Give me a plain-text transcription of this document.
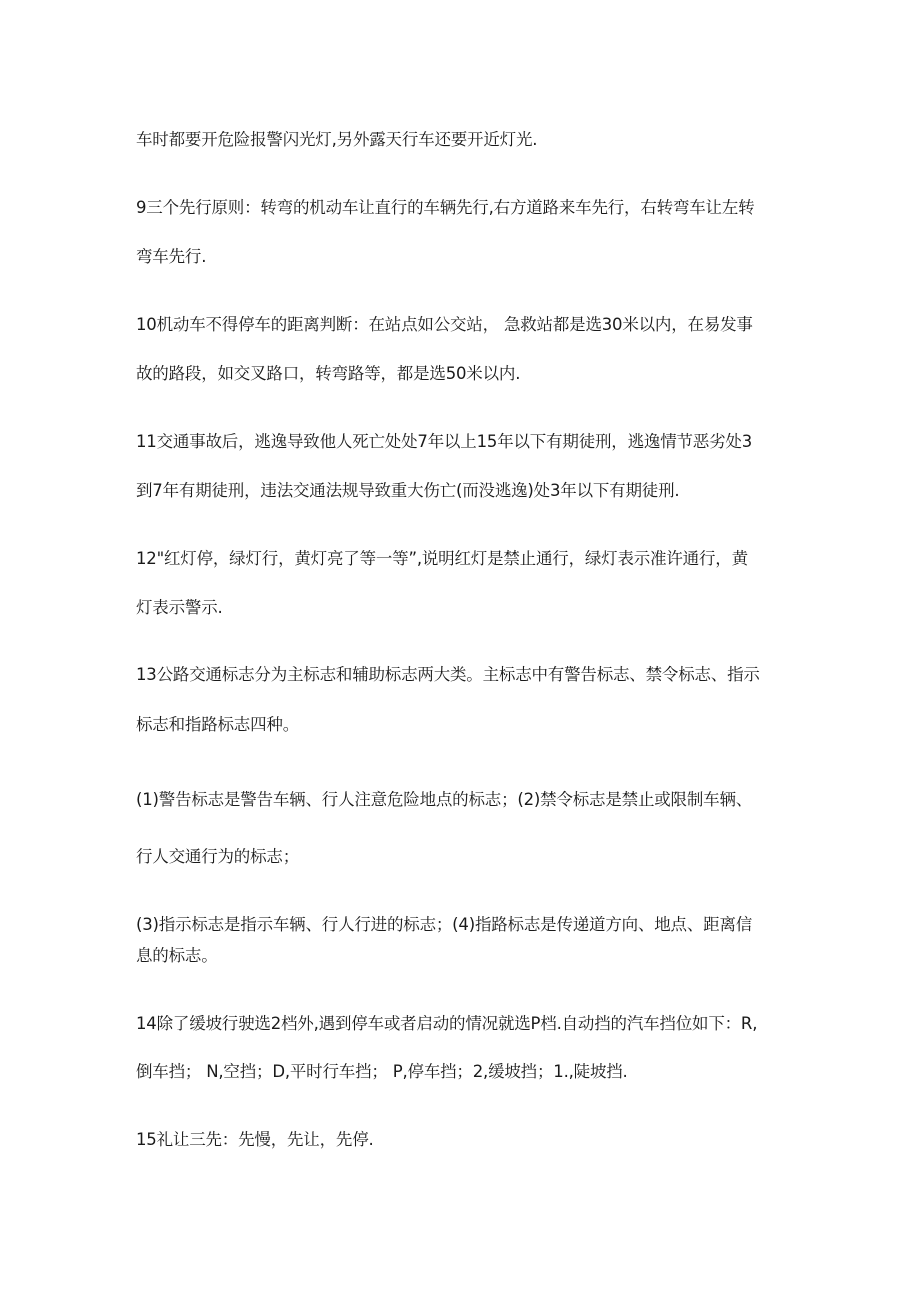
车时都要开危险报警闪光灯,另外露天行车还要开近灯光.
9三个先行原则：转弯的机动车让直行的车辆先行,右方道路来车先行，右转弯车让左转
弯车先行.
10机动车不得停车的距离判断：在站点如公交站， 急救站都是选30米以内，在易发事
故的路段，如交叉路口，转弯路等，都是选50米以内.
11交通事故后，逃逸导致他人死亡处处7年以上15年以下有期徒刑，逃逸情节恶劣处3
到7年有期徒刑，违法交通法规导致重大伤亡(而没逃逸)处3年以下有期徒刑.
12"红灯停，绿灯行，黄灯亮了等一等”,说明红灯是禁止通行，绿灯表示准许通行，黄
灯表示警示.
13公路交通标志分为主标志和辅助标志两大类。主标志中有警告标志、禁令标志、指示
标志和指路标志四种。
(1)警告标志是警告车辆、行人注意危险地点的标志；(2)禁令标志是禁止或限制车辆、
行人交通行为的标志；
(3)指示标志是指示车辆、行人行进的标志；(4)指路标志是传递道方向、地点、距离信
息的标志。
14除了缓坡行驶选2档外,遇到停车或者启动的情况就选P档.自动挡的汽车挡位如下：R,
倒车挡； N,空挡；D,平时行车挡； P,停车挡；2,缓坡挡；1.,陡坡挡.
15礼让三先：先慢，先让，先停.
